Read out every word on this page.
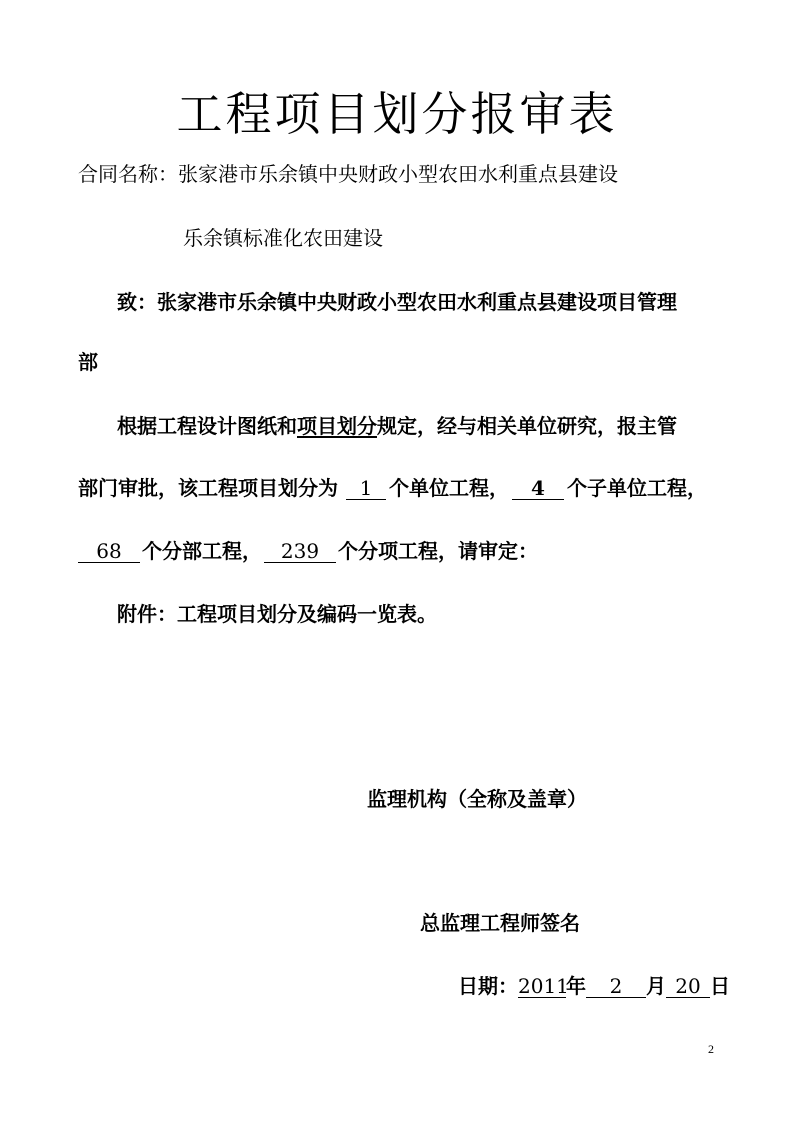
工程项目划分报审表
合同名称：张家港市乐余镇中央财政小型农田水利重点县建设
乐余镇标准化农田建设
致：张家港市乐余镇中央财政小型农田水利重点县建设项目管理
部
根据工程设计图纸和项目划分规定，经与相关单位研究，报主管
部门审批，该工程项目划分为 1 个单位工程， 4 个子单位工程，
68 个分部工程， 239 个分项工程，请审定：
附件：工程项目划分及编码一览表。
监理机构（全称及盖章）
总监理工程师签名
日期：2011年 2 月 20 日
2
